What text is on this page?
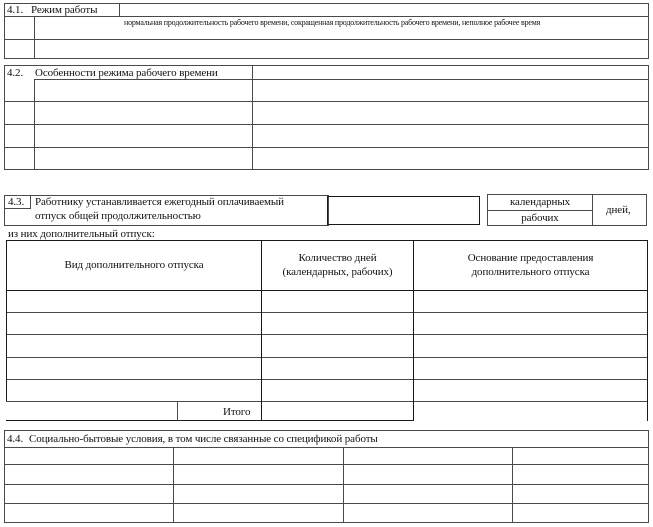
4.1. Режим работы
нормальная продолжительность рабочего времени, сокращенная продолжительность рабочего времени, неполное рабочее время
4.2. Особенности режима рабочего времени
4.3. Работнику устанавливается ежегодный оплачиваемый
отпуск общей продолжительностью
календарных
рабочих
дней,
из них дополнительный отпуск:
Вид дополнительного отпуска
Количество дней
(календарных, рабочих)
Основание предоставления
дополнительного отпуска
Итого
4.4. Социально-бытовые условия, в том числе связанные со спецификой работы
